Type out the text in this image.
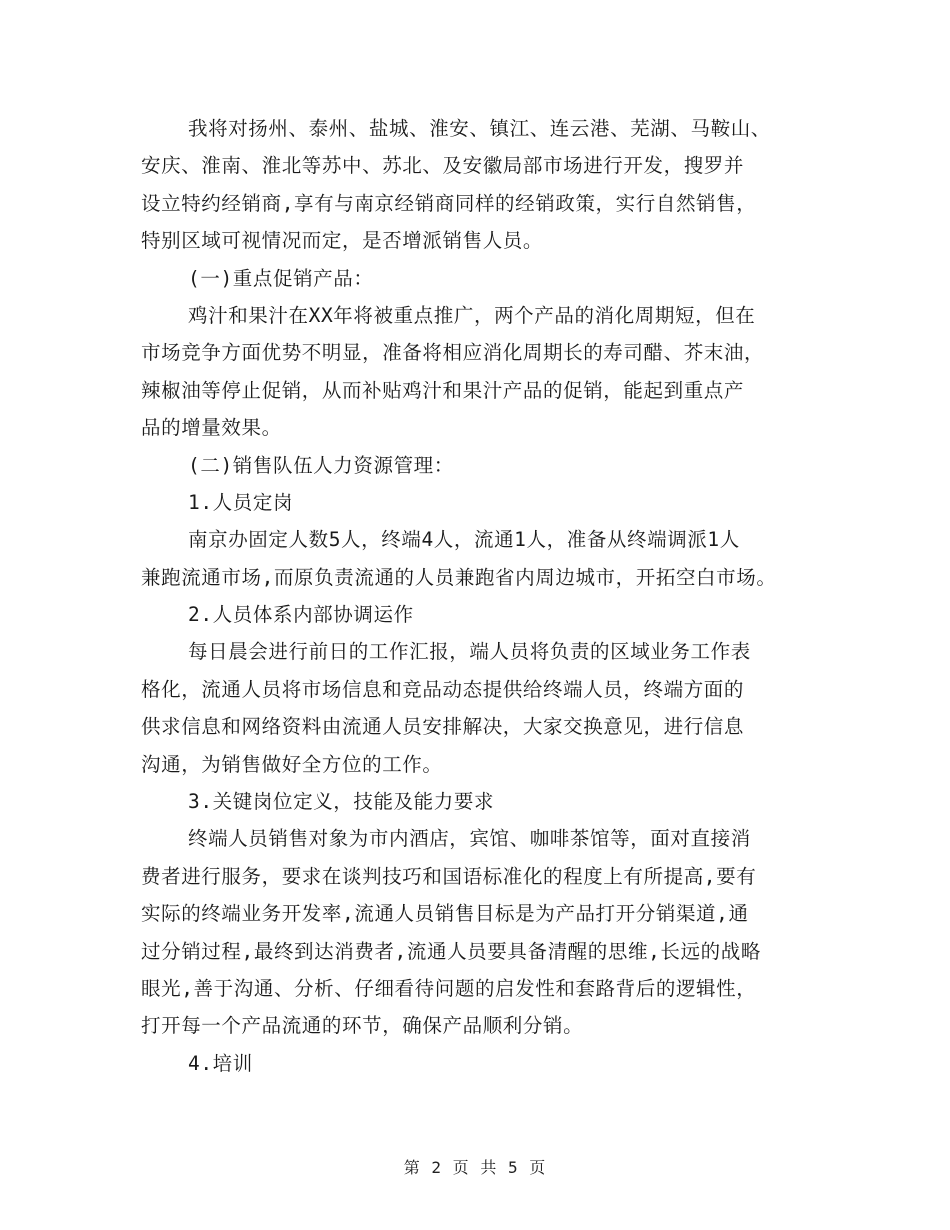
我将对扬州、泰州、盐城、淮安、镇江、连云港、芜湖、马鞍山、
安庆、淮南、淮北等苏中、苏北、及安徽局部市场进行开发，搜罗并
设立特约经销商,享有与南京经销商同样的经销政策，实行自然销售，
特别区域可视情况而定，是否增派销售人员。

(一)重点促销产品：

鸡汁和果汁在XX年将被重点推广，两个产品的消化周期短，但在
市场竞争方面优势不明显，准备将相应消化周期长的寿司醋、芥末油，
辣椒油等停止促销，从而补贴鸡汁和果汁产品的促销，能起到重点产
品的增量效果。

(二)销售队伍人力资源管理：

1.人员定岗

南京办固定人数5人，终端4人，流通1人，准备从终端调派1人
兼跑流通市场,而原负责流通的人员兼跑省内周边城市，开拓空白市场。

2.人员体系内部协调运作

每日晨会进行前日的工作汇报，端人员将负责的区域业务工作表
格化，流通人员将市场信息和竞品动态提供给终端人员，终端方面的
供求信息和网络资料由流通人员安排解决，大家交换意见，进行信息
沟通，为销售做好全方位的工作。

3.关键岗位定义，技能及能力要求

终端人员销售对象为市内酒店，宾馆、咖啡茶馆等，面对直接消
费者进行服务，要求在谈判技巧和国语标准化的程度上有所提高,要有
实际的终端业务开发率,流通人员销售目标是为产品打开分销渠道,通
过分销过程,最终到达消费者,流通人员要具备清醒的思维,长远的战略
眼光,善于沟通、分析、仔细看待问题的启发性和套路背后的逻辑性，
打开每一个产品流通的环节，确保产品顺利分销。

4.培训

第 2 页 共 5 页
